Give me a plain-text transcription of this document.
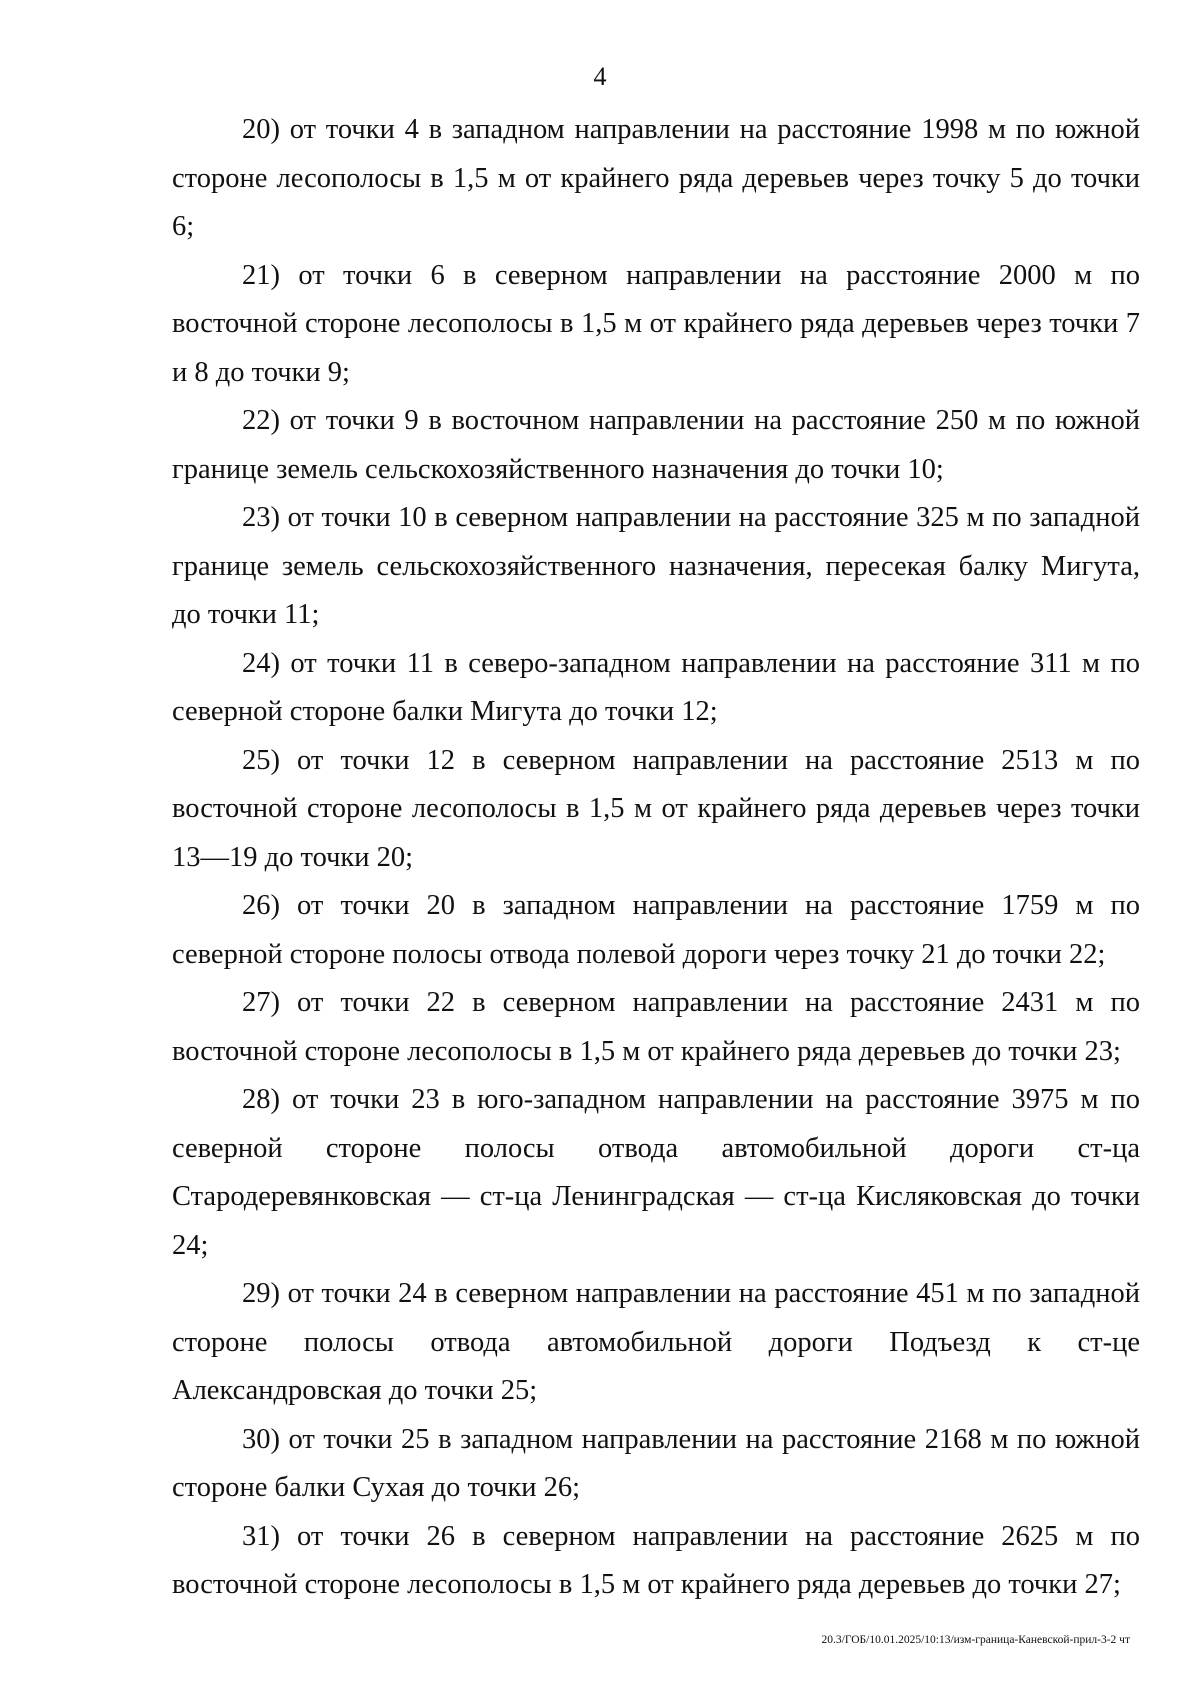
4

20) от точки 4 в западном направлении на расстояние 1998 м по южной стороне лесополосы в 1,5 м от крайнего ряда деревьев через точку 5 до точки 6;

21) от точки 6 в северном направлении на расстояние 2000 м по восточной стороне лесополосы в 1,5 м от крайнего ряда деревьев через точки 7 и 8 до точки 9;

22) от точки 9 в восточном направлении на расстояние 250 м по южной границе земель сельскохозяйственного назначения до точки 10;

23) от точки 10 в северном направлении на расстояние 325 м по западной границе земель сельскохозяйственного назначения, пересекая балку Мигута, до точки 11;

24) от точки 11 в северо-западном направлении на расстояние 311 м по северной стороне балки Мигута до точки 12;

25) от точки 12 в северном направлении на расстояние 2513 м по восточной стороне лесополосы в 1,5 м от крайнего ряда деревьев через точки 13—19 до точки 20;

26) от точки 20 в западном направлении на расстояние 1759 м по северной стороне полосы отвода полевой дороги через точку 21 до точки 22;

27) от точки 22 в северном направлении на расстояние 2431 м по восточной стороне лесополосы в 1,5 м от крайнего ряда деревьев до точки 23;

28) от точки 23 в юго-западном направлении на расстояние 3975 м по северной стороне полосы отвода автомобильной дороги ст-ца Стародеревянковская — ст-ца Ленинградская — ст-ца Кисляковская до точки 24;

29) от точки 24 в северном направлении на расстояние 451 м по западной стороне полосы отвода автомобильной дороги Подъезд к ст-це Александровская до точки 25;

30) от точки 25 в западном направлении на расстояние 2168 м по южной стороне балки Сухая до точки 26;

31) от точки 26 в северном направлении на расстояние 2625 м по восточной стороне лесополосы в 1,5 м от крайнего ряда деревьев до точки 27;

20.3/ГОБ/10.01.2025/10:13/изм-граница-Каневской-прил-3-2 чт
